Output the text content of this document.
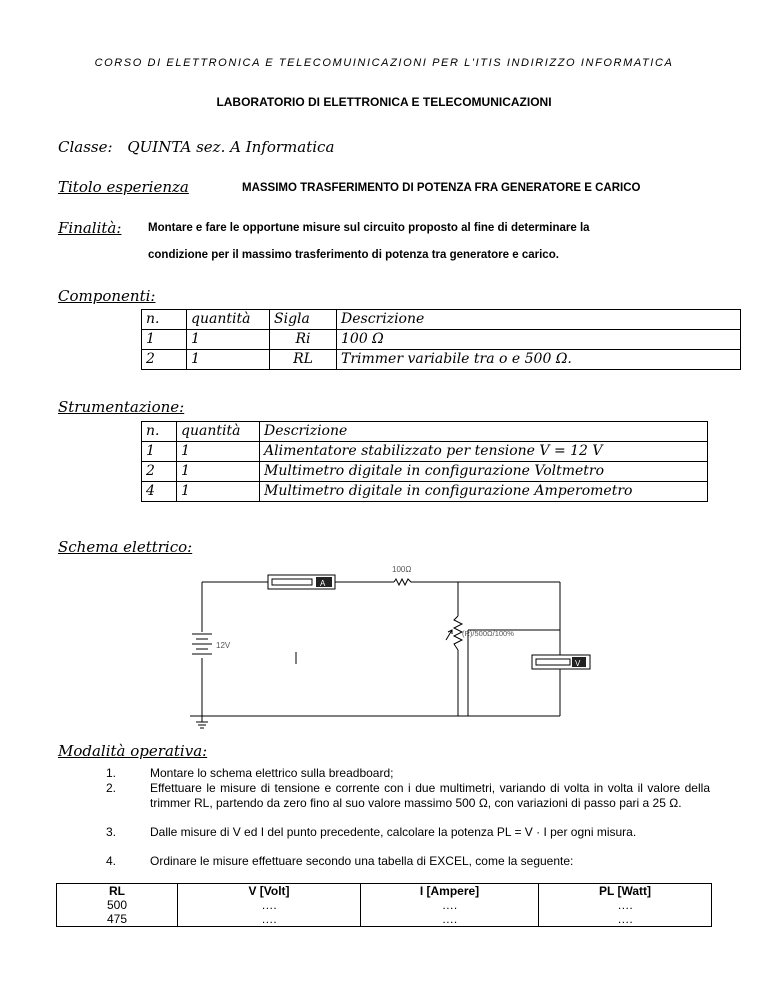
CORSO DI ELETTRONICA E TELECOMUINICAZIONI PER L'ITIS INDIRIZZO INFORMATICA
LABORATORIO DI ELETTRONICA E TELECOMUNICAZIONI
Classe: QUINTA sez. A Informatica
Titolo esperienza	MASSIMO TRASFERIMENTO DI POTENZA FRA GENERATORE E CARICO
Finalità: Montare e fare le opportune misure sul circuito proposto al fine di determinare la
condizione per il massimo trasferimento di potenza tra generatore e carico.
Componenti:
n.	quantità	Sigla	Descrizione
1	1	Ri	100 Ω
2	1	RL	Trimmer variabile tra o e 500 Ω.
Strumentazione:
n.	quantità	Descrizione
1	1	Alimentatore stabilizzato per tensione V = 12 V
2	1	Multimetro digitale in configurazione Voltmetro
4	1	Multimetro digitale in configurazione Amperometro
Schema elettrico:
12V
A
100Ω
(R)/500Ω/100%
V
Modalità operativa:
1.	Montare lo schema elettrico sulla breadboard;
2.	Effettuare le misure di tensione e corrente con i due multimetri, variando di volta in volta il valore della trimmer RL, partendo da zero fino al suo valore massimo 500 Ω, con variazioni di passo pari a 25 Ω.
3.	Dalle misure di V ed I del punto precedente, calcolare la potenza PL = V · I per ogni misura.
4.	Ordinare le misure effettuare secondo una tabella di EXCEL, come la seguente:
RL	V [Volt]	I [Ampere]	PL [Watt]
500	….	….	….
475	….	….	….
